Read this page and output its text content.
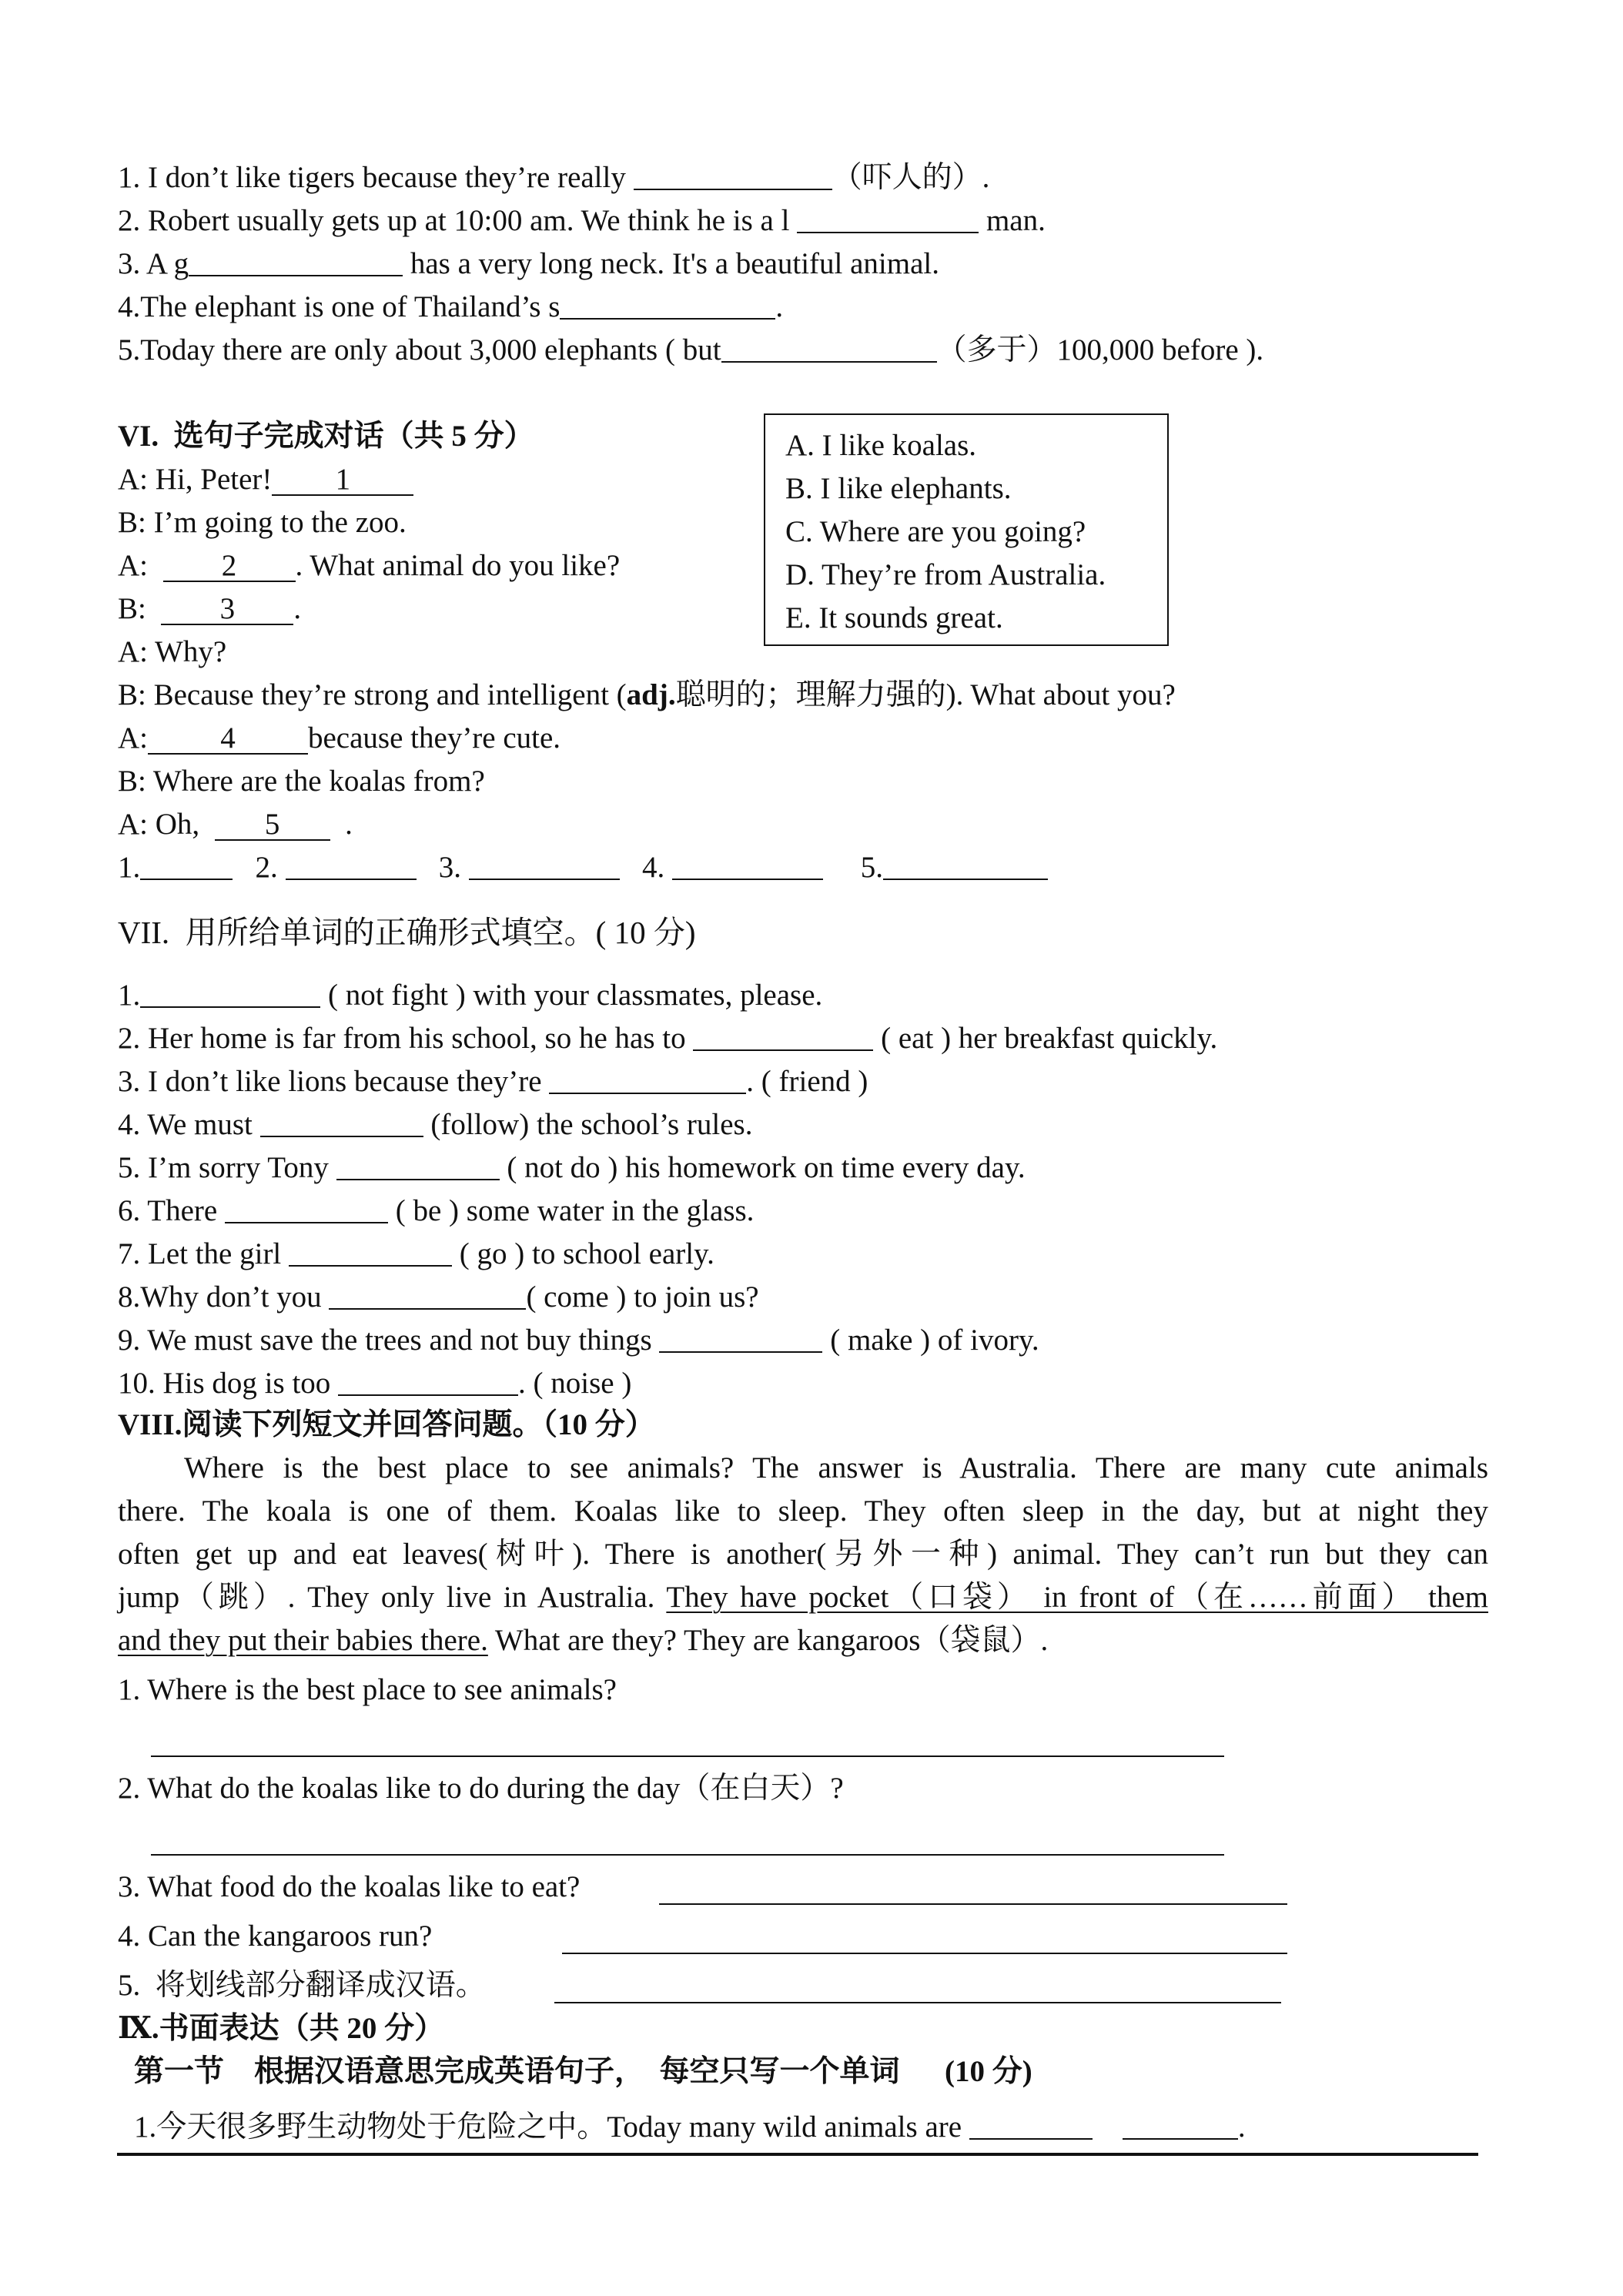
1. I don’t like tigers because they’re really	（吓人的）.
2. Robert usually gets up at 10:00 am. We think he is a l	man.
3. A g	has a very long neck. It's a beautiful animal.
4.The elephant is one of Thailand’s s	.
5.Today there are only about 3,000 elephants ( but	（多于）100,000 before ).
VI.  选句子完成对话（共 5 分）	A. I like koalas.
B. I like elephants.
C. Where are you going?
D. They’re from Australia.
E. It sounds great.
A: Hi, Peter! 1
B: I’m going to the zoo.
A:  2 . What animal do you like?
B:  3 .
A: Why?
B: Because they’re strong and intelligent (adj.聪明的；理解力强的). What about you?
A: 4 because they’re cute.
B: Where are the koalas from?
A: Oh,  5  .
1.	2.	3.	4.	5.
VII.  用所给单词的正确形式填空。( 10 分)
1.	( not fight ) with your classmates, please.
2. Her home is far from his school, so he has to	( eat ) her breakfast quickly.
3. I don’t like lions because they’re	. ( friend )
4. We must	(follow) the school’s rules.
5. I’m sorry Tony	( not do ) his homework on time every day.
6. There	( be ) some water in the glass.
7. Let the girl	( go ) to school early.
8.Why don’t you	( come ) to join us?
9. We must save the trees and not buy things	( make ) of ivory.
10. His dog is too	. ( noise )
VIII.阅读下列短文并回答问题。（10 分）
Where is the best place to see animals? The answer is Australia. There are many cute animals
there. The koala is one of them. Koalas like to sleep. They often sleep in the day, but at night they
often get up and eat leaves(树叶). There is another(另外一种) animal. They can’t run but they can
jump（跳）. They only live in Australia. They have pocket（口袋） in front of（在……前面） them
and they put their babies there. What are they? They are kangaroos（袋鼠）.
1. Where is the best place to see animals?
2. What do the koalas like to do during the day（在白天）?
3. What food do the koalas like to eat?
4. Can the kangaroos run?
5.  将划线部分翻译成汉语。
Ⅸ.书面表达（共 20 分）
第一节    根据汉语意思完成英语句子，  每空只写一个单词      (10 分)
1.今天很多野生动物处于危险之中。Today many wild animals are	.
